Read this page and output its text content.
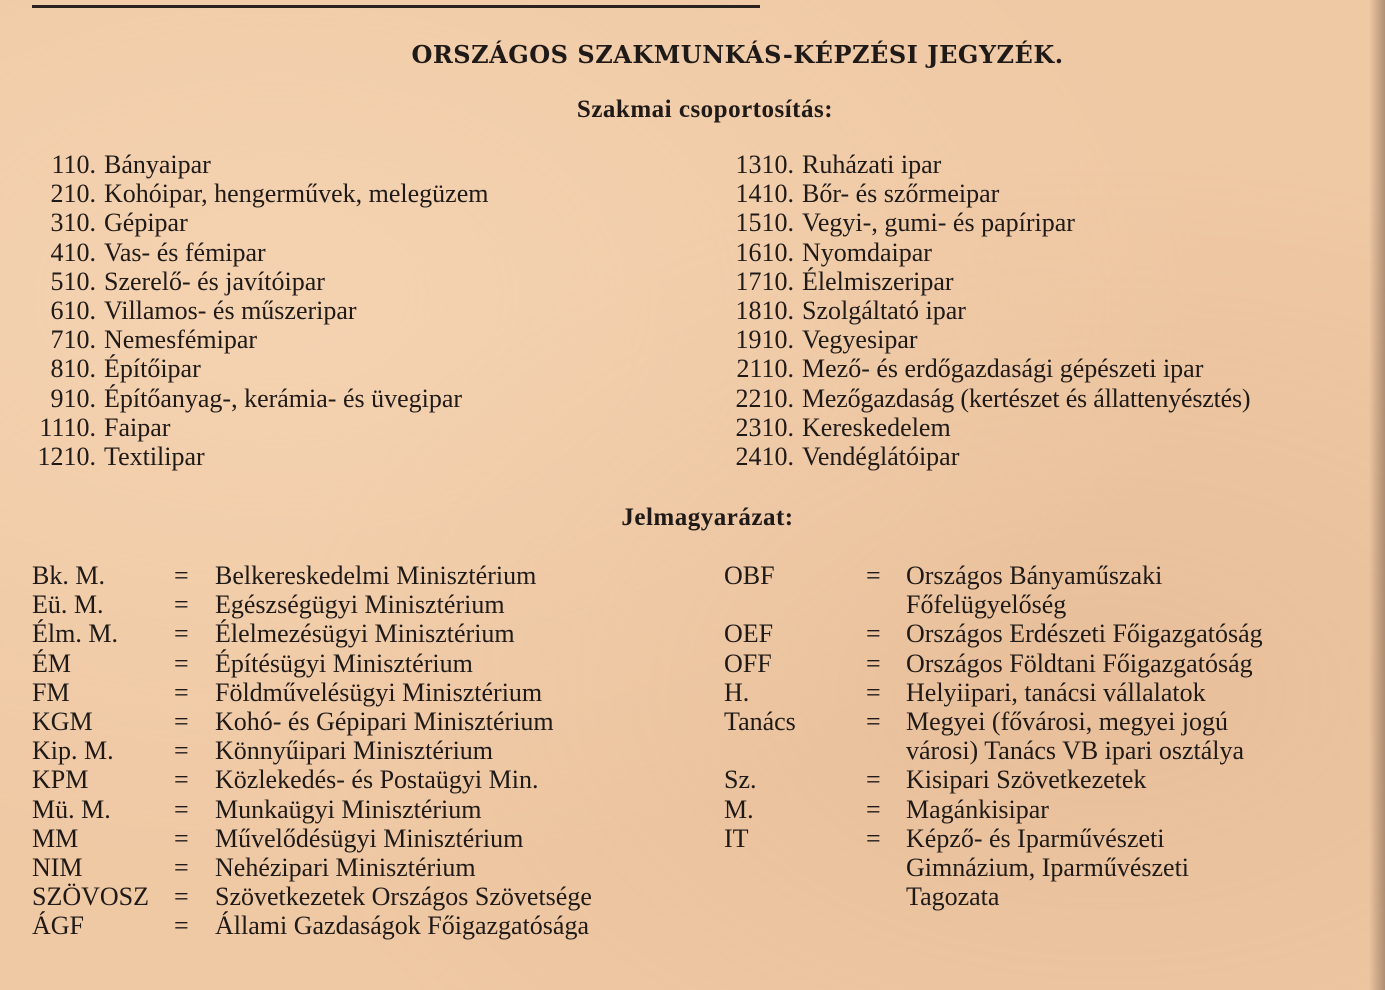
ORSZÁGOS SZAKMUNKÁS-KÉPZÉSI JEGYZÉK.
Szakmai csoportosítás:
110. Bányaipar
210. Kohóipar, hengerművek, melegüzem
310. Gépipar
410. Vas- és fémipar
510. Szerelő- és javítóipar
610. Villamos- és műszeripar
710. Nemesfémipar
810. Építőipar
910. Építőanyag-, kerámia- és üvegipar
1110. Faipar
1210. Textilipar
1310. Ruházati ipar
1410. Bőr- és szőrmeipar
1510. Vegyi-, gumi- és papíripar
1610. Nyomdaipar
1710. Élelmiszeripar
1810. Szolgáltató ipar
1910. Vegyesipar
2110. Mező- és erdőgazdasági gépészeti ipar
2210. Mezőgazdaság (kertészet és állattenyésztés)
2310. Kereskedelem
2410. Vendéglátóipar
Jelmagyarázat:
Bk. M.	= Belkereskedelmi Minisztérium
Eü. M.	= Egészségügyi Minisztérium
Élm. M. = Élelmezésügyi Minisztérium
ÉM	= Építésügyi Minisztérium
FM	= Földművelésügyi Minisztérium
KGM	= Kohó- és Gépipari Minisztérium
Kip. M. = Könnyűipari Minisztérium
KPM	= Közlekedés- és Postaügyi Min.
Mü. M. = Munkaügyi Minisztérium
MM	= Művelődésügyi Minisztérium
NIM	= Nehézipari Minisztérium
SZÖVOSZ = Szövetkezetek Országos Szövetsége
ÁGF	= Állami Gazdaságok Főigazgatósága
OBF	= Országos Bányaműszaki
Főfelügyelőség
OEF	= Országos Erdészeti Főigazgatóság
OFF	= Országos Földtani Főigazgatóság
H.	= Helyiipari, tanácsi vállalatok
Tanács	= Megyei (fővárosi, megyei jogú
városi) Tanács VB ipari osztálya
Sz.	= Kisipari Szövetkezetek
M.	= Magánkisipar
IT	= Képző- és Iparművészeti
Gimnázium, Iparművészeti
Tagozata
